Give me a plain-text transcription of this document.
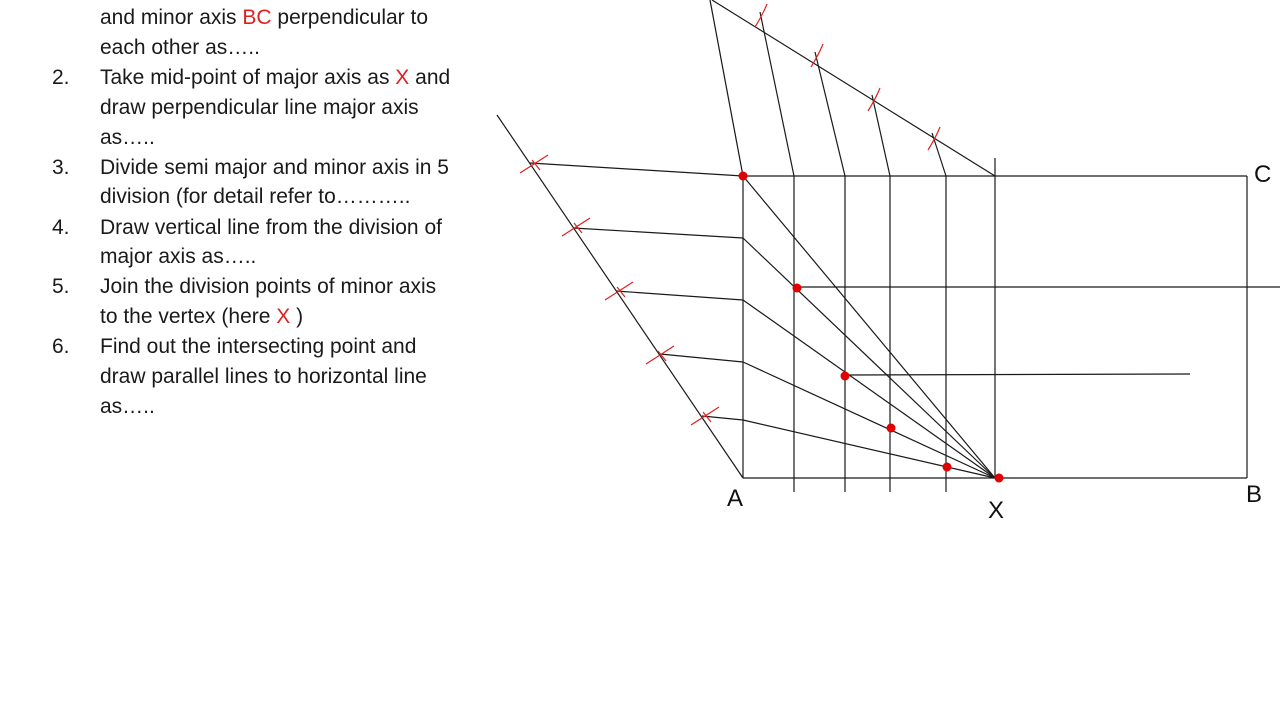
and minor axis BC perpendicular to
each other as…..
2. Take mid-point of major axis as X and
draw perpendicular line major axis
as…..
3. Divide semi major and minor axis in 5
division (for detail refer to………..
4. Draw vertical line from the division of
major axis as…..
5. Join the division points of minor axis
to the vertex (here X )
6. Find out the intersecting point and
draw parallel lines to horizontal line
as…..
A	B
C
X
